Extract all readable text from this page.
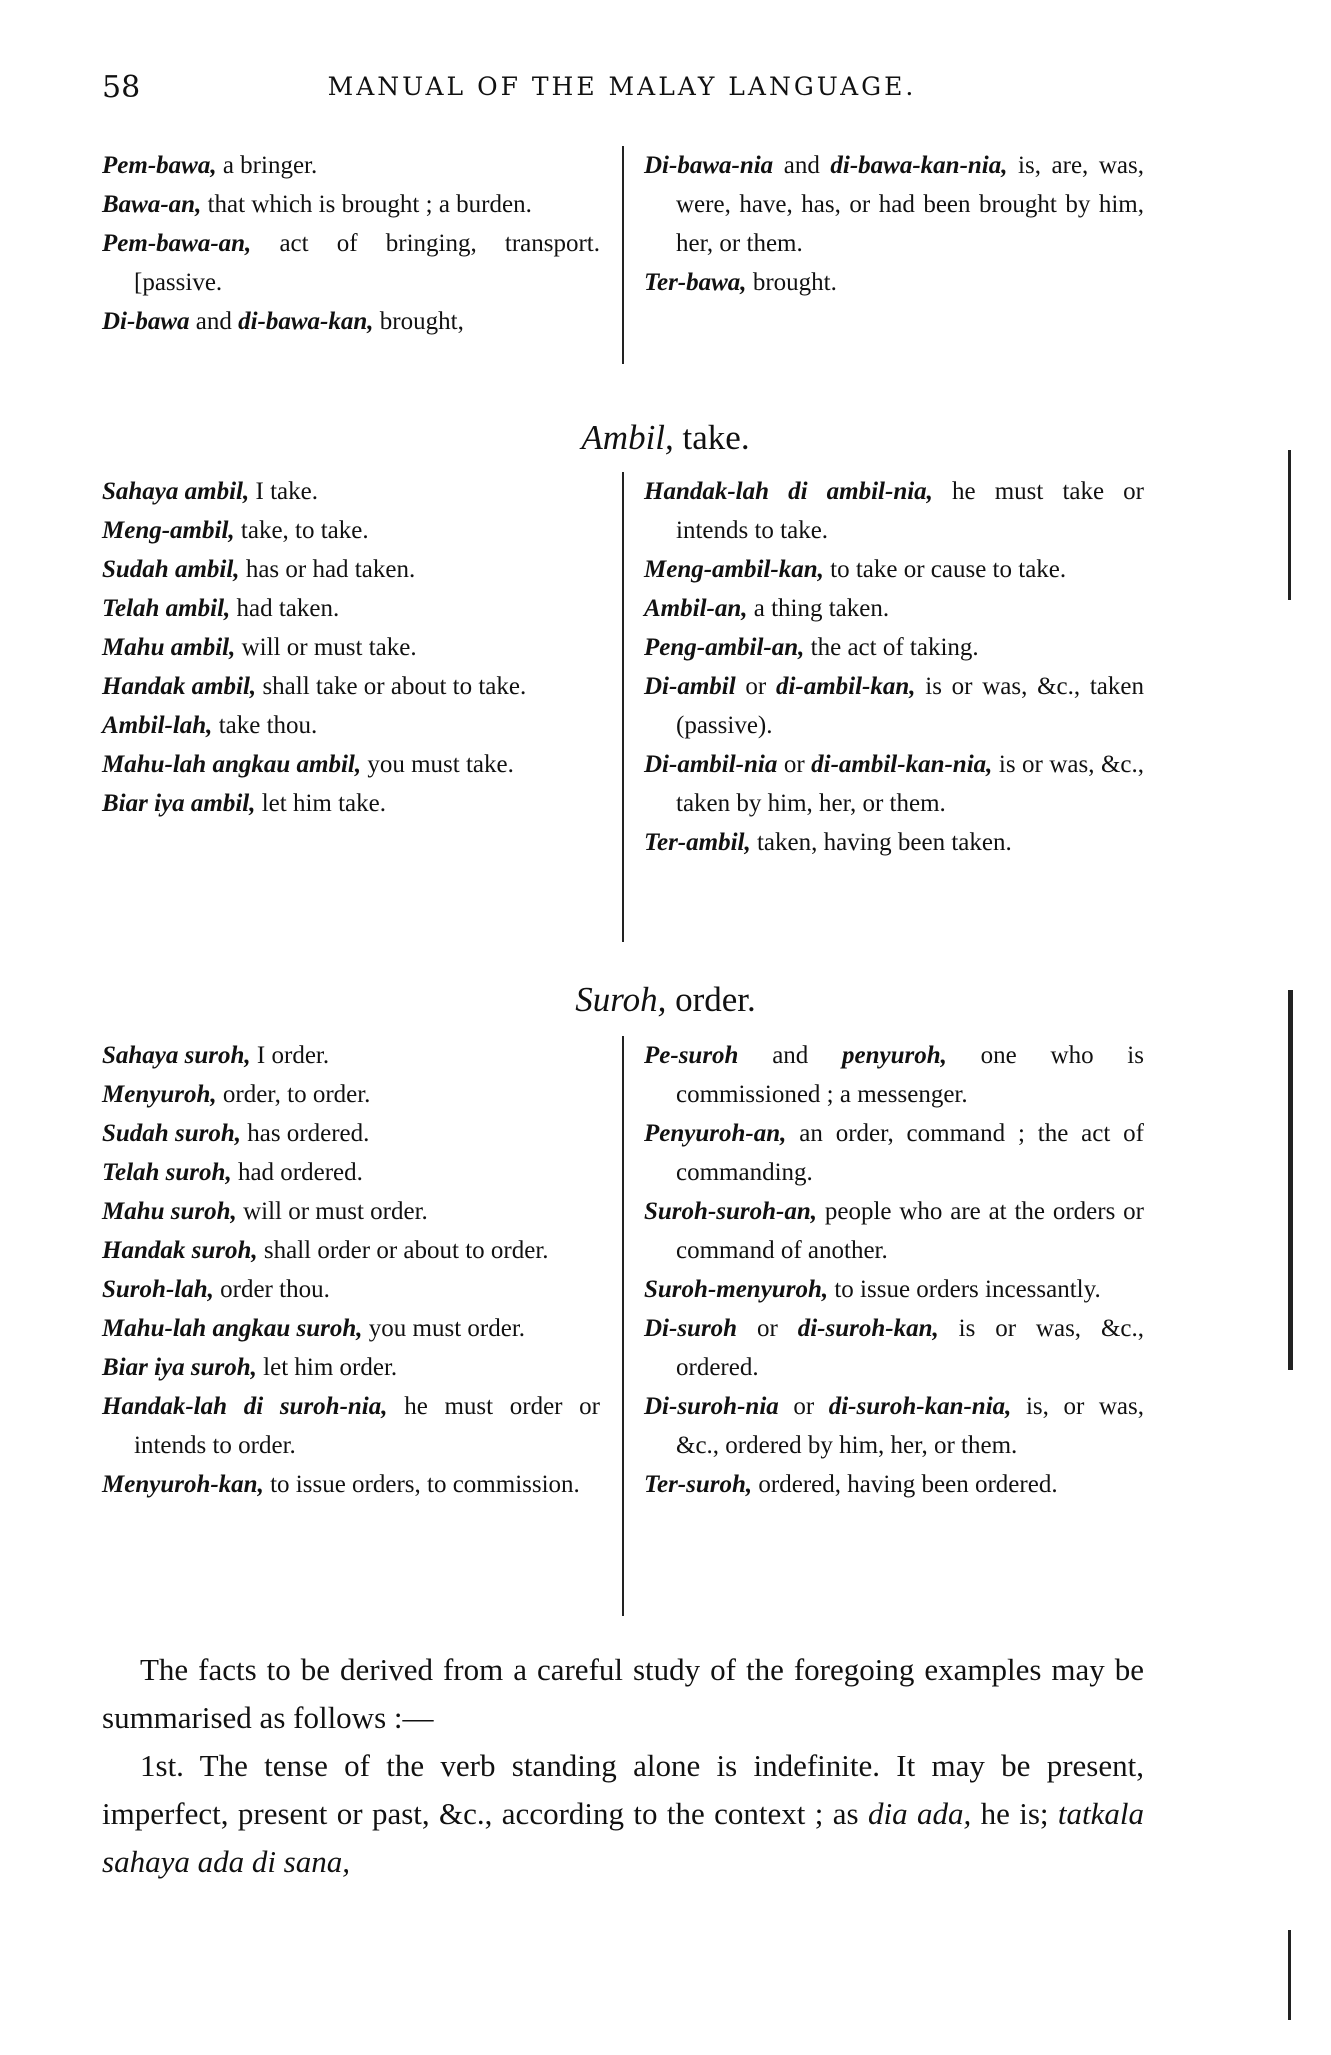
58	MANUAL OF THE MALAY LANGUAGE.
Pem-bawa, a bringer.
Bawa-an, that which is brought ; a burden.
Pem-bawa-an, act of bringing, transport. [passive.
Di-bawa and di-bawa-kan, brought,
Di-bawa-nia and di-bawa-kan-nia, is, are, was, were, have, has, or had been brought by him, her, or them.
Ter-bawa, brought.
Ambil, take.
Sahaya ambil, I take.
Meng-ambil, take, to take.
Sudah ambil, has or had taken.
Telah ambil, had taken.
Mahu ambil, will or must take.
Handak ambil, shall take or about to take.
Ambil-lah, take thou.
Mahu-lah angkau ambil, you must take.
Biar iya ambil, let him take.
Handak-lah di ambil-nia, he must take or intends to take.
Meng-ambil-kan, to take or cause to take.
Ambil-an, a thing taken.
Peng-ambil-an, the act of taking.
Di-ambil or di-ambil-kan, is or was, &c., taken (passive).
Di-ambil-nia or di-ambil-kan-nia, is or was, &c., taken by him, her, or them.
Ter-ambil, taken, having been taken.
Suroh, order.
Sahaya suroh, I order.
Menyuroh, order, to order.
Sudah suroh, has ordered.
Telah suroh, had ordered.
Mahu suroh, will or must order.
Handak suroh, shall order or about to order.
Suroh-lah, order thou.
Mahu-lah angkau suroh, you must order.
Biar iya suroh, let him order.
Handak-lah di suroh-nia, he must order or intends to order.
Menyuroh-kan, to issue orders, to commission.
Pe-suroh and penyuroh, one who is commissioned ; a messenger.
Penyuroh-an, an order, command ; the act of commanding.
Suroh-suroh-an, people who are at the orders or command of another.
Suroh-menyuroh, to issue orders incessantly.
Di-suroh or di-suroh-kan, is or was, &c., ordered.
Di-suroh-nia or di-suroh-kan-nia, is, or was, &c., ordered by him, her, or them.
Ter-suroh, ordered, having been ordered.

The facts to be derived from a careful study of the foregoing examples may be summarised as follows :—

1st. The tense of the verb standing alone is indefinite. It may be present, imperfect, present or past, &c., according to the context ; as dia ada, he is; tatkala sahaya ada di sana,
